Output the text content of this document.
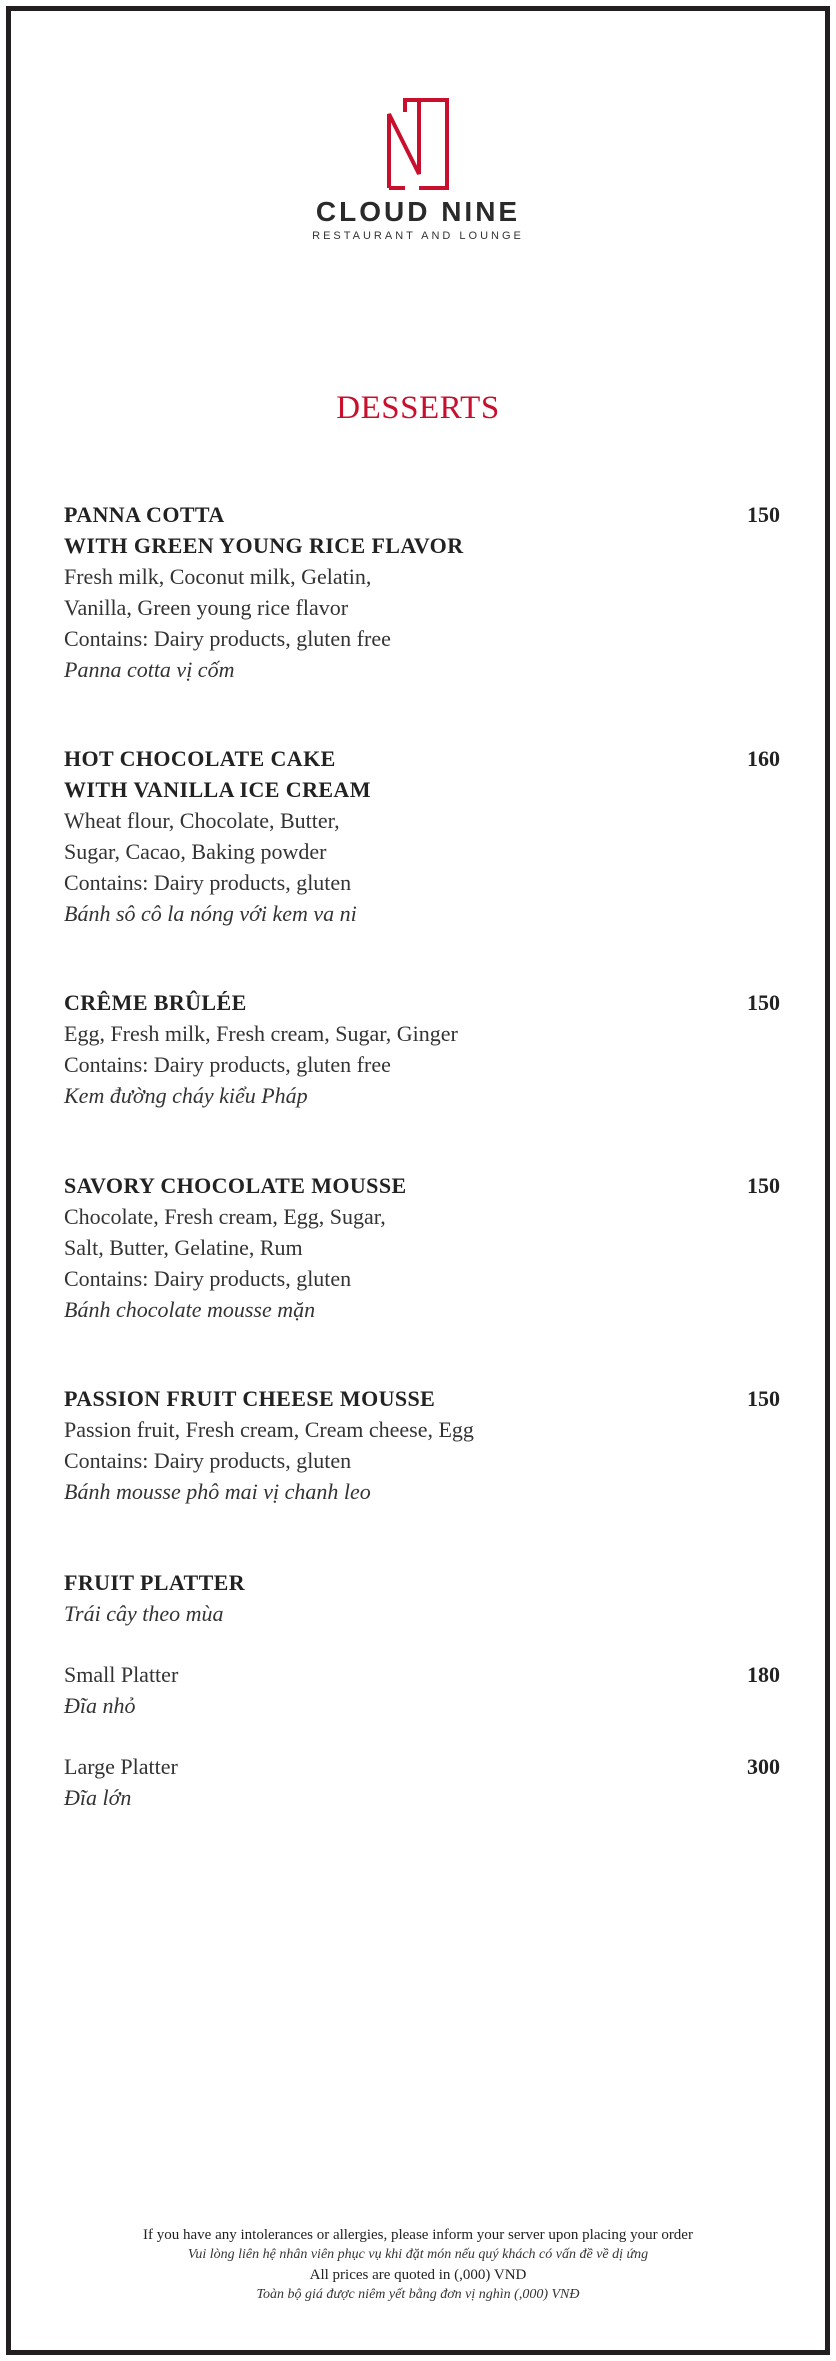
CLOUD NINE
RESTAURANT AND LOUNGE
DESSERTS
PANNA COTTA
WITH GREEN YOUNG RICE FLAVOR
Fresh milk, Coconut milk, Gelatin,
Vanilla, Green young rice flavor
Contains: Dairy products, gluten free
Panna cotta vị cốm
150
HOT CHOCOLATE CAKE
WITH VANILLA ICE CREAM
Wheat flour, Chocolate, Butter,
Sugar, Cacao, Baking powder
Contains: Dairy products, gluten
Bánh sô cô la nóng với kem va ni
160
CRÊME BRÛLÉE
Egg, Fresh milk, Fresh cream, Sugar, Ginger
Contains: Dairy products, gluten free
Kem đường cháy kiểu Pháp
150
SAVORY CHOCOLATE MOUSSE
Chocolate, Fresh cream, Egg, Sugar,
Salt, Butter, Gelatine, Rum
Contains: Dairy products, gluten
Bánh chocolate mousse mặn
150
PASSION FRUIT CHEESE MOUSSE
Passion fruit, Fresh cream, Cream cheese, Egg
Contains: Dairy products, gluten
Bánh mousse phô mai vị chanh leo
150
FRUIT PLATTER
Trái cây theo mùa
Small Platter
Đĩa nhỏ
180
Large Platter
Đĩa lớn
300
If you have any intolerances or allergies, please inform your server upon placing your order
Vui lòng liên hệ nhân viên phục vụ khi đặt món nếu quý khách có vấn đề về dị ứng
All prices are quoted in (,000) VND
Toàn bộ giá được niêm yết bằng đơn vị nghìn (,000) VNĐ
